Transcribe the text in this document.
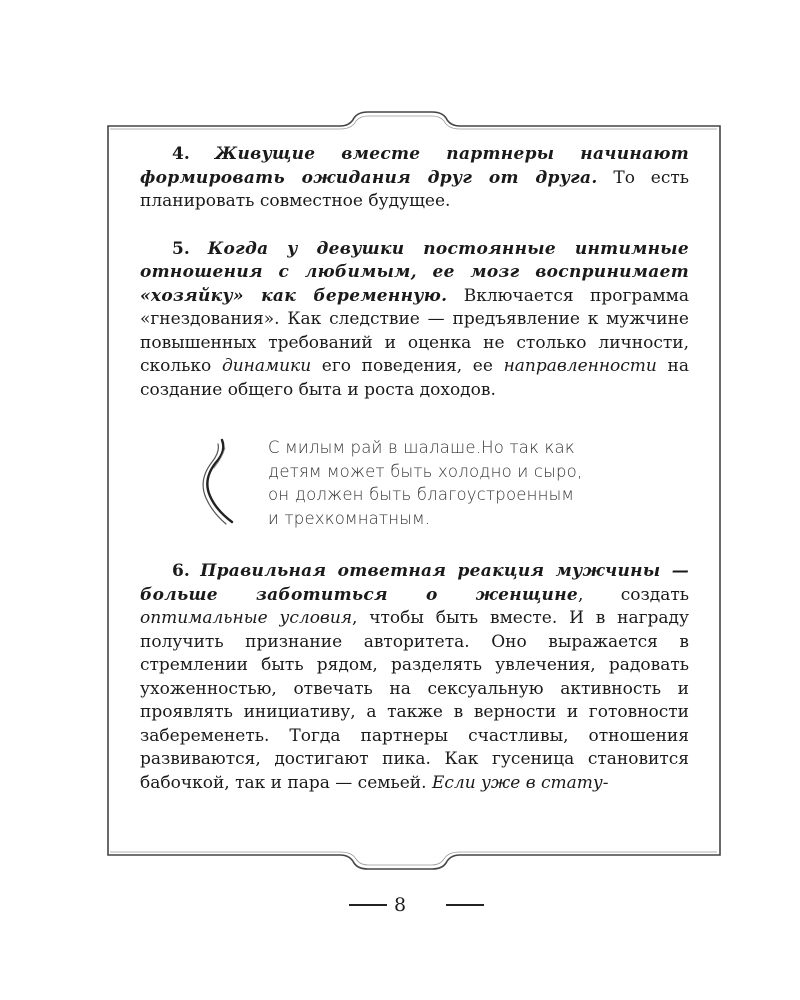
4. Живущие вместе партнеры начинают формировать ожидания друг от друга. То есть планировать совместное будущее.

5. Когда у девушки постоянные интимные отношения с любимым, ее мозг воспринимает «хозяйку» как беременную. Включается программа «гнездования». Как следствие — предъявление к мужчине повышенных требований и оценка не столько личности, сколько динамики его поведения, ее направленности на создание общего быта и роста доходов.

С милым рай в шалаше.Но так как
детям может быть холодно и сыро,
он должен быть благоустроенным
и трехкомнатным.

6. Правильная ответная реакция мужчины — больше заботиться о женщине, создать оптимальные условия, чтобы быть вместе. И в награду получить признание авторитета. Оно выражается в стремлении быть рядом, разделять увлечения, радовать ухоженностью, отвечать на сексуальную активность и проявлять инициативу, а также в верности и готовности забеременеть. Тогда партнеры счастливы, отношения развиваются, достигают пика. Как гусеница становится бабочкой, так и пара — семьей. Если уже в стату-

8
